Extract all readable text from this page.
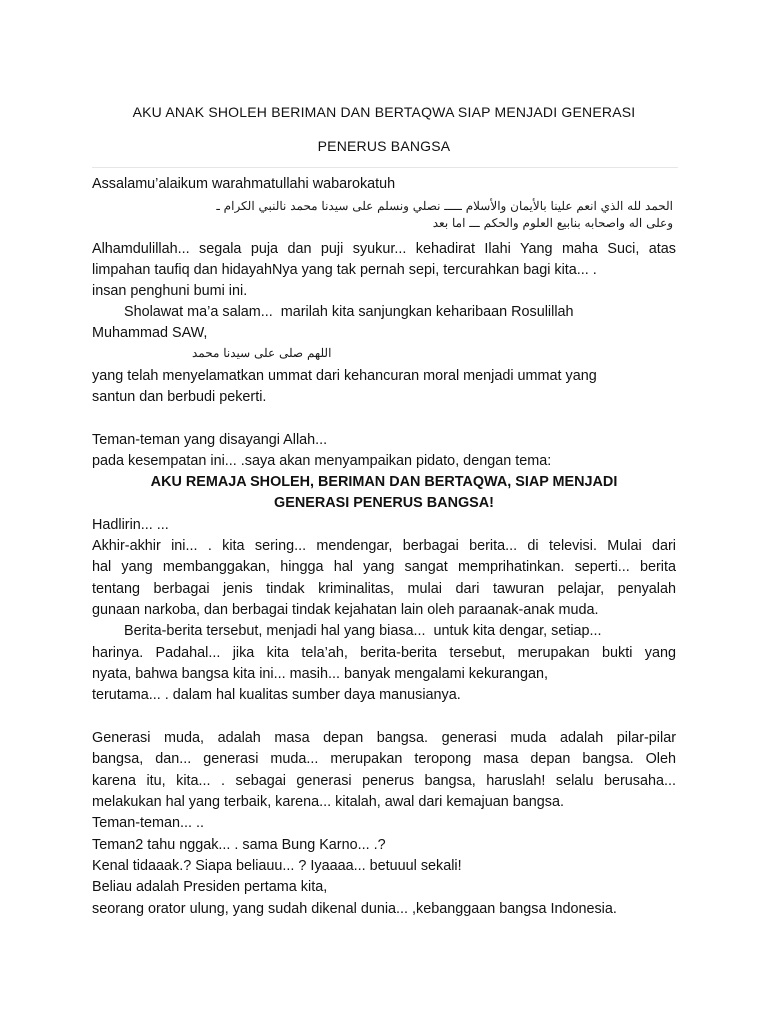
AKU ANAK SHOLEH BERIMAN DAN BERTAQWA SIAP MENJADI GENERASI
PENERUS BANGSA
Assalamu’alaikum warahmatullahi wabarokatuh
الحمد لله الذي انعم علينا بالأيمان والأسلام ـــــ نصلي ونسلم على سيدنا محمد نالنبي الكرام ـ
وعلى اله واصحابه بنابيع العلوم والحكم ـــ اما بعد
Alhamdulillah... segala puja dan puji syukur... kehadirat Ilahi Yang maha Suci, atas
limpahan taufiq dan hidayahNya yang tak pernah sepi, tercurahkan bagi kita... .
insan penghuni bumi ini.
Sholawat ma’a salam...  marilah kita sanjungkan keharibaan Rosulillah
Muhammad SAW,
اللهم صلى على سيدنا محمد
yang telah menyelamatkan ummat dari kehancuran moral menjadi ummat yang
santun dan berbudi pekerti.
Teman-teman yang disayangi Allah...
pada kesempatan ini... .saya akan menyampaikan pidato, dengan tema:
AKU REMAJA SHOLEH, BERIMAN DAN BERTAQWA, SIAP MENJADI
GENERASI PENERUS BANGSA!
Hadlirin... ...
Akhir-akhir ini... . kita sering... mendengar, berbagai berita... di televisi. Mulai dari
hal yang membanggakan, hingga hal yang sangat memprihatinkan. seperti... berita
tentang berbagai jenis tindak kriminalitas, mulai dari tawuran pelajar, penyalah
gunaan narkoba, dan berbagai tindak kejahatan lain oleh paraanak-anak muda.
Berita-berita tersebut, menjadi hal yang biasa...  untuk kita dengar, setiap...
harinya. Padahal... jika kita tela’ah, berita-berita tersebut, merupakan bukti yang
nyata, bahwa bangsa kita ini... masih... banyak mengalami kekurangan,
terutama... . dalam hal kualitas sumber daya manusianya.
Generasi muda, adalah masa depan bangsa. generasi muda adalah pilar-pilar
bangsa, dan... generasi muda... merupakan teropong masa depan bangsa. Oleh
karena itu, kita... . sebagai generasi penerus bangsa, haruslah! selalu berusaha...
melakukan hal yang terbaik, karena... kitalah, awal dari kemajuan bangsa.
Teman-teman... ..
Teman2 tahu nggak... . sama Bung Karno... .?
Kenal tidaaak.? Siapa beliauu... ? Iyaaaa... betuuul sekali!
Beliau adalah Presiden pertama kita,
seorang orator ulung, yang sudah dikenal dunia... ,kebanggaan bangsa Indonesia.
